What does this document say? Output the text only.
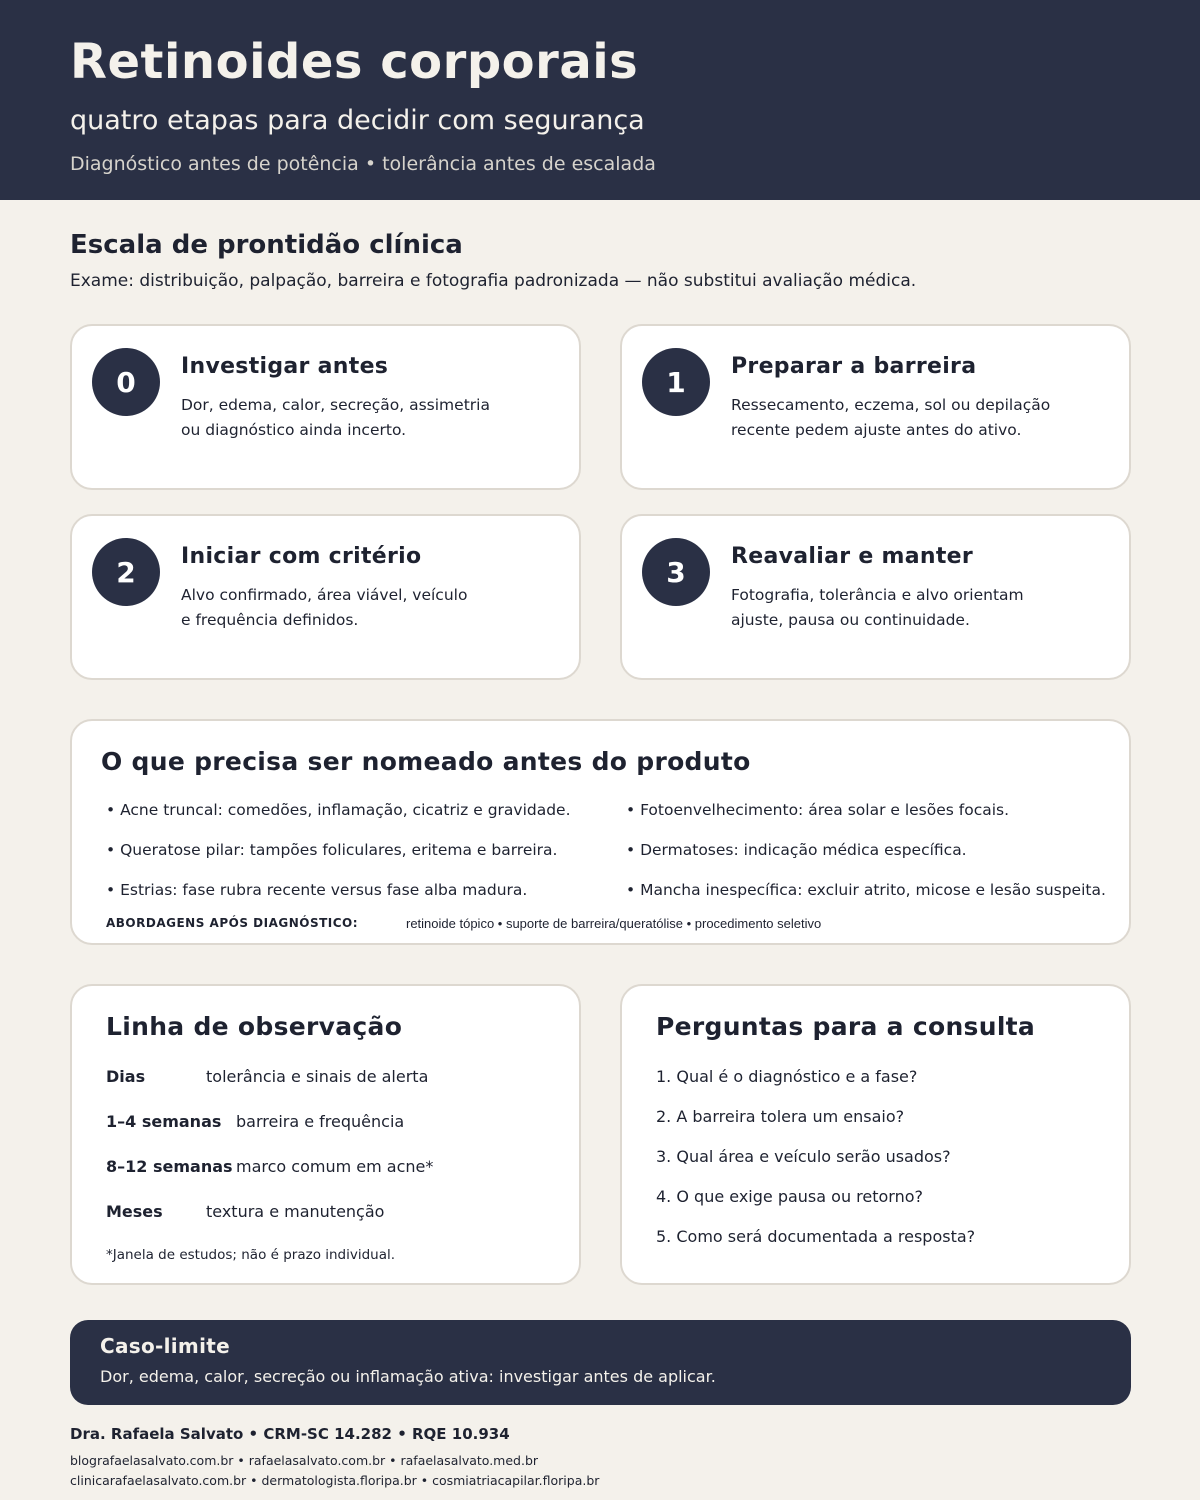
Retinoides corporais
quatro etapas para decidir com segurança
Diagnóstico antes de potência • tolerância antes de escalada
Escala de prontidão clínica
Exame: distribuição, palpação, barreira e fotografia padronizada — não substitui avaliação médica.
0	Investigar antes
Dor, edema, calor, secreção, assimetria
ou diagnóstico ainda incerto.
1	Preparar a barreira
Ressecamento, eczema, sol ou depilação
recente pedem ajuste antes do ativo.
2	Iniciar com critério
Alvo confirmado, área viável, veículo
e frequência definidos.
3	Reavaliar e manter
Fotografia, tolerância e alvo orientam
ajuste, pausa ou continuidade.
O que precisa ser nomeado antes do produto
• Acne truncal: comedões, inflamação, cicatriz e gravidade.
• Queratose pilar: tampões foliculares, eritema e barreira.
• Estrias: fase rubra recente versus fase alba madura.
• Fotoenvelhecimento: área solar e lesões focais.
• Dermatoses: indicação médica específica.
• Mancha inespecífica: excluir atrito, micose e lesão suspeita.
ABORDAGENS APÓS DIAGNÓSTICO:	retinoide tópico • suporte de barreira/queratólise • procedimento seletivo
Linha de observação
Dias	tolerância e sinais de alerta
1–4 semanas barreira e frequência
8–12 semanas marco comum em acne*
Meses	textura e manutenção
*Janela de estudos; não é prazo individual.
Perguntas para a consulta
1. Qual é o diagnóstico e a fase?
2. A barreira tolera um ensaio?
3. Qual área e veículo serão usados?
4. O que exige pausa ou retorno?
5. Como será documentada a resposta?
Caso-limite
Dor, edema, calor, secreção ou inflamação ativa: investigar antes de aplicar.
Dra. Rafaela Salvato • CRM-SC 14.282 • RQE 10.934
blografaelasalvato.com.br • rafaelasalvato.com.br • rafaelasalvato.med.br
clinicarafaelasalvato.com.br • dermatologista.floripa.br • cosmiatriacapilar.floripa.br
